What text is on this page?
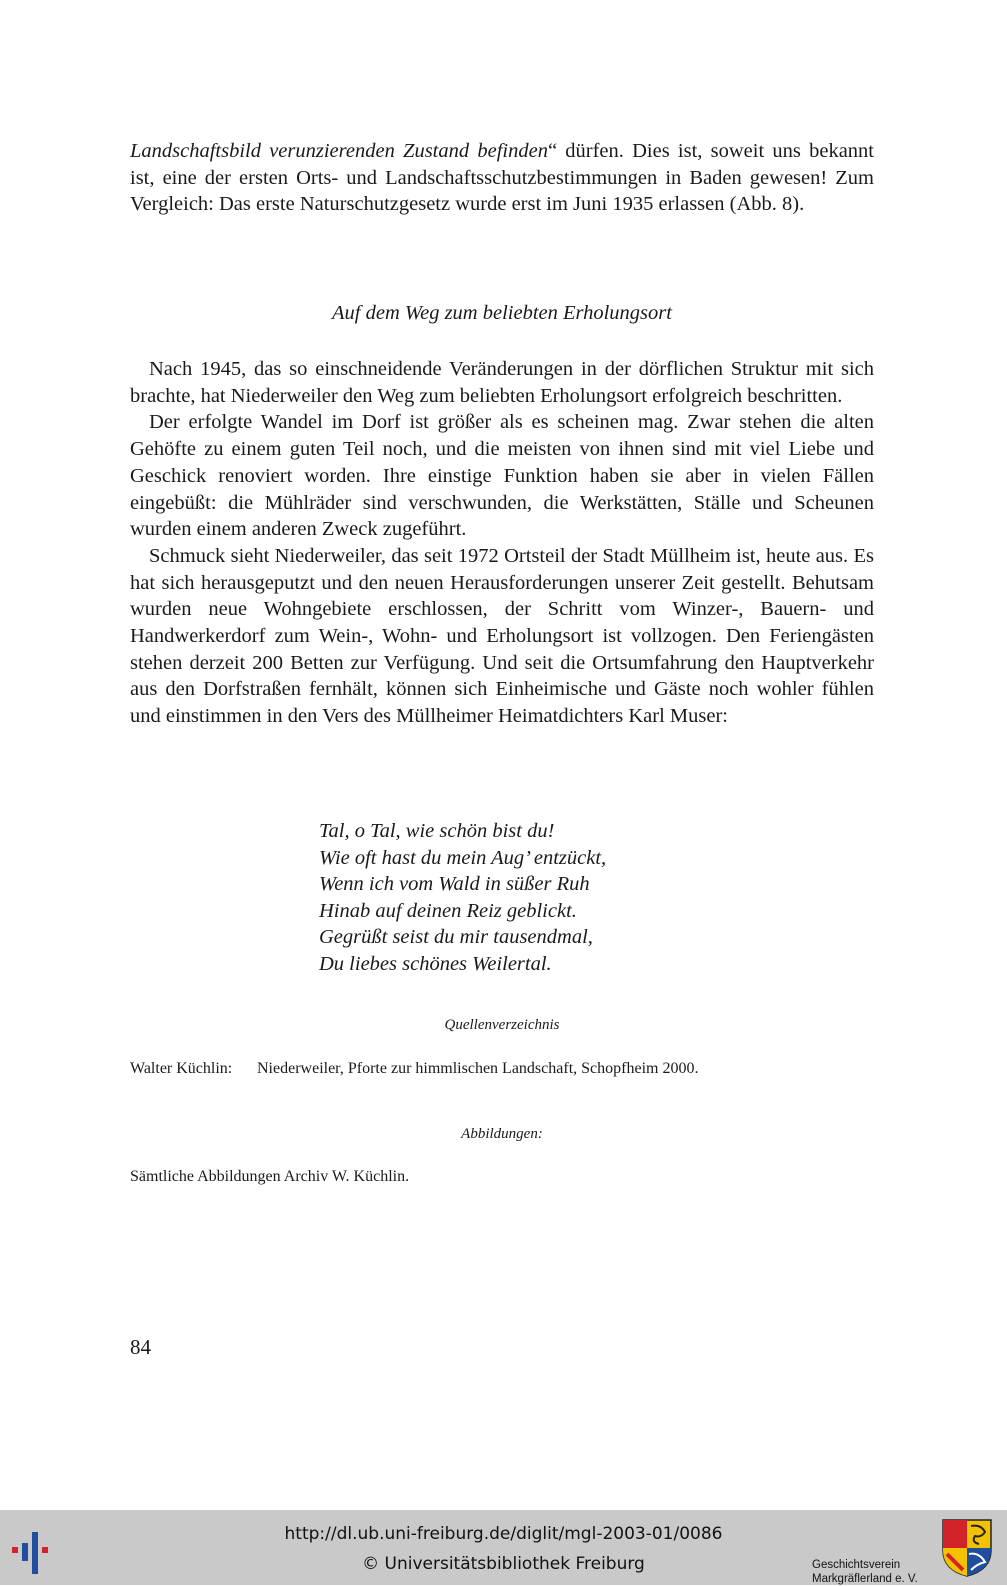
Landschaftsbild verunzierenden Zustand befinden“ dürfen. Dies ist, soweit uns bekannt ist, eine der ersten Orts- und Landschaftsschutzbestimmungen in Baden gewesen! Zum Vergleich: Das erste Naturschutzgesetz wurde erst im Juni 1935 erlassen (Abb. 8).

Auf dem Weg zum beliebten Erholungsort

Nach 1945, das so einschneidende Veränderungen in der dörflichen Struktur mit sich brachte, hat Niederweiler den Weg zum beliebten Erholungsort erfolgreich beschritten.

Der erfolgte Wandel im Dorf ist größer als es scheinen mag. Zwar stehen die alten Gehöfte zu einem guten Teil noch, und die meisten von ihnen sind mit viel Liebe und Geschick renoviert worden. Ihre einstige Funktion haben sie aber in vielen Fällen eingebüßt: die Mühlräder sind verschwunden, die Werkstätten, Ställe und Scheunen wurden einem anderen Zweck zugeführt.

Schmuck sieht Niederweiler, das seit 1972 Ortsteil der Stadt Müllheim ist, heute aus. Es hat sich herausgeputzt und den neuen Herausforderungen unserer Zeit gestellt. Behutsam wurden neue Wohngebiete erschlossen, der Schritt vom Winzer-, Bauern- und Handwerkerdorf zum Wein-, Wohn- und Erholungsort ist vollzogen. Den Feriengästen stehen derzeit 200 Betten zur Verfügung. Und seit die Ortsumfahrung den Hauptverkehr aus den Dorfstraßen fernhält, können sich Einheimische und Gäste noch wohler fühlen und einstimmen in den Vers des Müllheimer Heimatdichters Karl Muser:

Tal, o Tal, wie schön bist du!
Wie oft hast du mein Aug’ entzückt,
Wenn ich vom Wald in süßer Ruh
Hinab auf deinen Reiz geblickt.
Gegrüßt seist du mir tausendmal,
Du liebes schönes Weilertal.
Quellenverzeichnis
Walter Küchlin: Niederweiler, Pforte zur himmlischen Landschaft, Schopfheim 2000.
Abbildungen:
Sämtliche Abbildungen Archiv W. Küchlin.
84
http://dl.ub.uni-freiburg.de/diglit/mgl-2003-01/0086
© Universitätsbibliothek Freiburg	Geschichtsverein
Markgräflerland e. V.
